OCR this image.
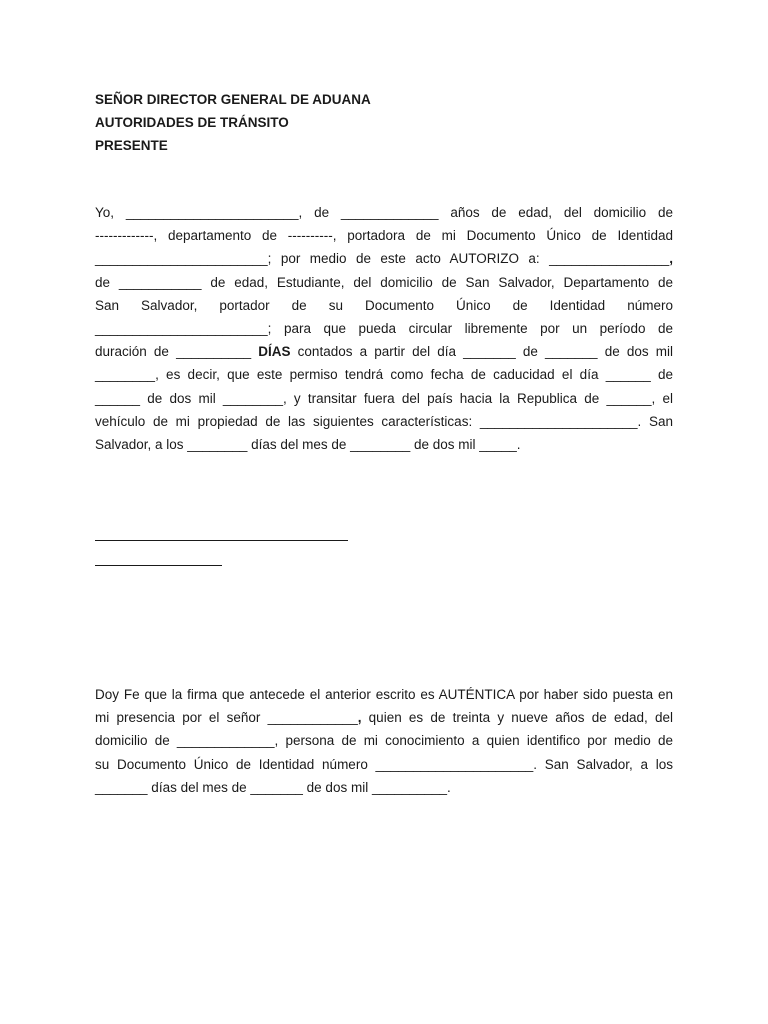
SEÑOR DIRECTOR GENERAL DE ADUANA
AUTORIDADES DE TRÁNSITO
PRESENTE
Yo, _______________________, de _____________ años de edad, del domicilio de
-------------, departamento de ----------, portadora de mi Documento Único de Identidad
_______________________; por medio de este acto AUTORIZO a: ________________,
de ___________ de edad, Estudiante, del domicilio de San Salvador, Departamento de
San Salvador, portador de su Documento Único de Identidad número
_______________________; para que pueda circular libremente por un período de
duración de __________ DÍAS contados a partir del día _______ de _______ de dos mil
________, es decir, que este permiso tendrá como fecha de caducidad el día ______ de
______ de dos mil ________, y transitar fuera del país hacia la Republica de ______, el
vehículo de mi propiedad de las siguientes características: _____________________. San
Salvador, a los ________ días del mes de ________ de dos mil _____.
Doy Fe que la firma que antecede el anterior escrito es AUTÉNTICA por haber sido puesta en
mi presencia por el señor ____________, quien es de treinta y nueve años de edad, del
domicilio de _____________, persona de mi conocimiento a quien identifico por medio de
su Documento Único de Identidad número _____________________. San Salvador, a los
_______ días del mes de _______ de dos mil __________.
